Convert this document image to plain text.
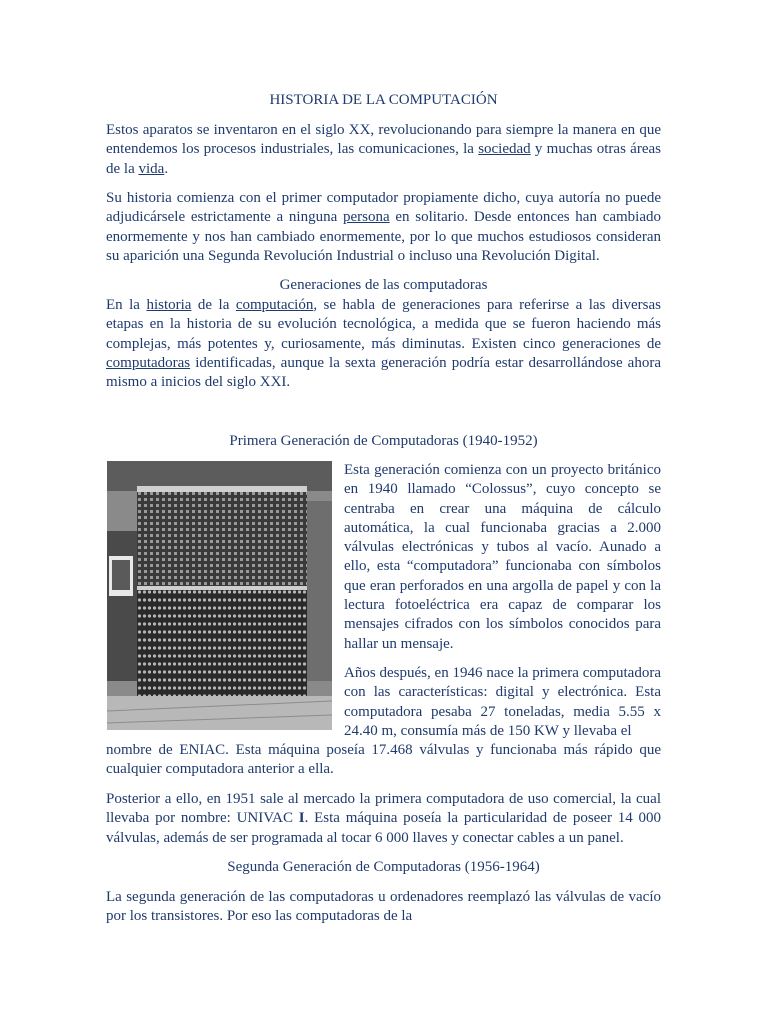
HISTORIA DE LA COMPUTACIÓN

Estos aparatos se inventaron en el siglo XX, revolucionando para siempre la manera en que entendemos los procesos industriales, las comunicaciones, la sociedad y muchas otras áreas de la vida.

Su historia comienza con el primer computador propiamente dicho, cuya autoría no puede adjudicársele estrictamente a ninguna persona en solitario. Desde entonces han cambiado enormemente y nos han cambiado enormemente, por lo que muchos estudiosos consideran su aparición una Segunda Revolución Industrial o incluso una Revolución Digital.

Generaciones de las computadoras

En la historia de la computación, se habla de generaciones para referirse a las diversas etapas en la historia de su evolución tecnológica, a medida que se fueron haciendo más complejas, más potentes y, curiosamente, más diminutas. Existen cinco generaciones de computadoras identificadas, aunque la sexta generación podría estar desarrollándose ahora mismo a inicios del siglo XXI.

Primera Generación de Computadoras (1940-1952)

Esta generación comienza con un proyecto británico en 1940 llamado “Colossus”, cuyo concepto se centraba en crear una máquina de cálculo automática, la cual funcionaba gracias a 2.000 válvulas electrónicas y tubos al vacío. Aunado a ello, esta “computadora” funcionaba con símbolos que eran perforados en una argolla de papel y con la lectura fotoeléctrica era capaz de comparar los mensajes cifrados con los símbolos conocidos para hallar un mensaje.

Años después, en 1946 nace la primera computadora con las características: digital y electrónica. Esta computadora pesaba 27 toneladas, media 5.55 x 24.40 m, consumía más de 150 KW y llevaba el

nombre de ENIAC. Esta máquina poseía 17.468 válvulas y funcionaba más rápido que cualquier computadora anterior a ella.

Posterior a ello, en 1951 sale al mercado la primera computadora de uso comercial, la cual llevaba por nombre: UNIVAC I. Esta máquina poseía la particularidad de poseer 14 000 válvulas, además de ser programada al tocar 6 000 llaves y conectar cables a un panel.

Segunda Generación de Computadoras (1956-1964)

La segunda generación de las computadoras u ordenadores reemplazó las válvulas de vacío por los transistores. Por eso las computadoras de la
